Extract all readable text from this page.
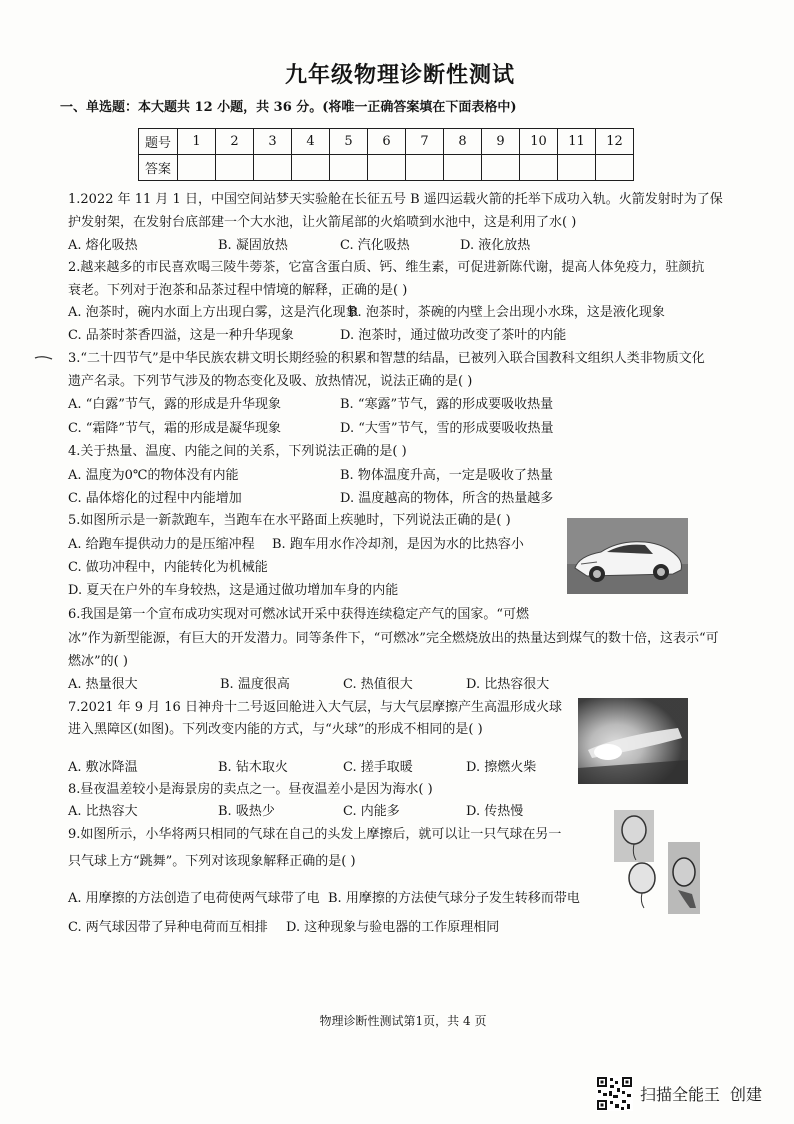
九年级物理诊断性测试
一、单选题：本大题共 12 小题，共 36 分。(将唯一正确答案填在下面表格中)
题号	1	2	3	4	5	6	7	8	9	10	11	12
答案												
1.2022 年 11 月 1 日，中国空间站梦天实验舱在长征五号 B 遥四运载火箭的托举下成功入轨。火箭发射时为了保
护发射架，在发射台底部建一个大水池，让火箭尾部的火焰喷到水池中，这是利用了水( )
A. 熔化吸热	B. 凝固放热	C. 汽化吸热	D. 液化放热
2.越来越多的市民喜欢喝三陵牛蒡茶，它富含蛋白质、钙、维生素，可促进新陈代谢，提高人体免疫力，驻颜抗
衰老。下列对于泡茶和品茶过程中情境的解释，正确的是( )
A. 泡茶时，碗内水面上方出现白雾，这是汽化现象
B. 泡茶时，茶碗的内壁上会出现小水珠，这是液化现象
C. 品茶时茶香四溢，这是一种升华现象	D. 泡茶时，通过做功改变了茶叶的内能
3.“二十四节气”是中华民族农耕文明长期经验的积累和智慧的结晶，已被列入联合国教科文组织人类非物质文化
遗产名录。下列节气涉及的物态变化及吸、放热情况，说法正确的是( )
A. “白露”节气，露的形成是升华现象	B. “寒露”节气，露的形成要吸收热量
C. “霜降”节气，霜的形成是凝华现象	D. “大雪”节气，雪的形成要吸收热量
4.关于热量、温度、内能之间的关系，下列说法正确的是( )
A. 温度为0℃的物体没有内能	B. 物体温度升高，一定是吸收了热量
C. 晶体熔化的过程中内能增加	D. 温度越高的物体，所含的热量越多
5.如图所示是一新款跑车，当跑车在水平路面上疾驰时，下列说法正确的是( )
A. 给跑车提供动力的是压缩冲程 B. 跑车用水作冷却剂，是因为水的比热容小
C. 做功冲程中，内能转化为机械能
D. 夏天在户外的车身较热，这是通过做功增加车身的内能
6.我国是第一个宣布成功实现对可燃冰试开采中获得连续稳定产气的国家。“可燃
冰”作为新型能源，有巨大的开发潜力。同等条件下，“可燃冰”完全燃烧放出的热量达到煤气的数十倍，这表示“可
燃冰”的( )
A. 热量很大	B. 温度很高	C. 热值很大	D. 比热容很大
7.2021 年 9 月 16 日神舟十二号返回舱进入大气层，与大气层摩擦产生高温形成火球
进入黑障区(如图)。下列改变内能的方式，与“火球”的形成不相同的是( )
A. 敷冰降温	B. 钻木取火	C. 搓手取暖	D. 擦燃火柴
8.昼夜温差较小是海景房的卖点之一。昼夜温差小是因为海水( )
A. 比热容大	B. 吸热少	C. 内能多	D. 传热慢
9.如图所示，小华将两只相同的气球在自己的头发上摩擦后，就可以让一只气球在另一
只气球上方“跳舞”。下列对该现象解释正确的是( )
A. 用摩擦的方法创造了电荷使两气球带了电 B. 用摩擦的方法使气球分子发生转移而带电
C. 两气球因带了异种电荷而互相排 D. 这种现象与验电器的工作原理相同
物理诊断性测试第1页，共 4 页
扫描全能王 创建
